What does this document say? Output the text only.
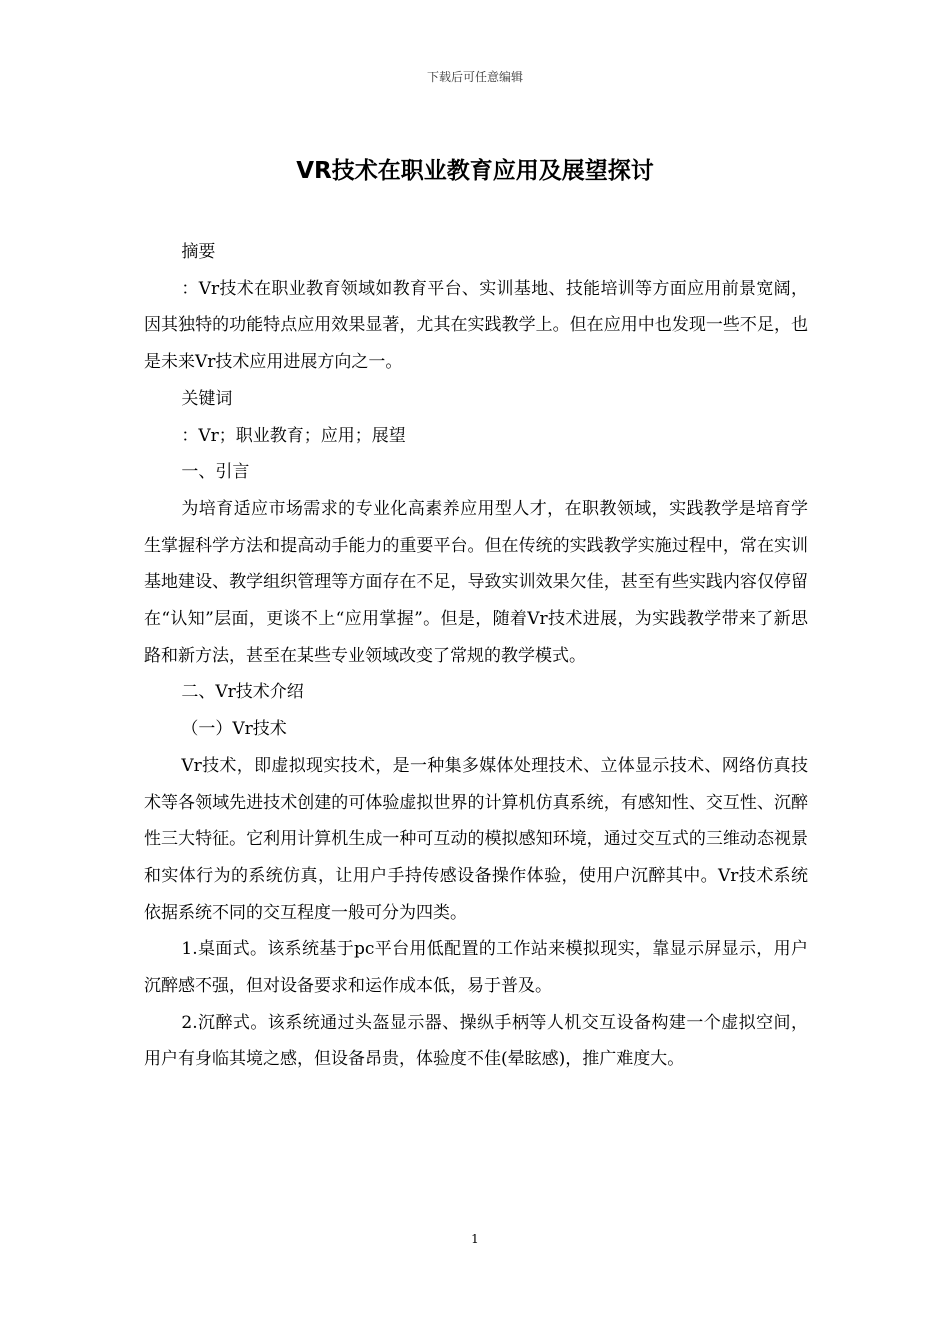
下载后可任意编辑
VR技术在职业教育应用及展望探讨

摘要

：Vr技术在职业教育领域如教育平台、实训基地、技能培训等方面应用前景宽阔，因其独特的功能特点应用效果显著，尤其在实践教学上。但在应用中也发现一些不足，也是未来Vr技术应用进展方向之一。

关键词

：Vr；职业教育；应用；展望

一、引言

为培育适应市场需求的专业化高素养应用型人才，在职教领域，实践教学是培育学生掌握科学方法和提高动手能力的重要平台。但在传统的实践教学实施过程中，常在实训基地建设、教学组织管理等方面存在不足，导致实训效果欠佳，甚至有些实践内容仅停留在“认知”层面，更谈不上“应用掌握”。但是，随着Vr技术进展，为实践教学带来了新思路和新方法，甚至在某些专业领域改变了常规的教学模式。

二、Vr技术介绍

（一）Vr技术

Vr技术，即虚拟现实技术，是一种集多媒体处理技术、立体显示技术、网络仿真技术等各领域先进技术创建的可体验虚拟世界的计算机仿真系统，有感知性、交互性、沉醉性三大特征。它利用计算机生成一种可互动的模拟感知环境，通过交互式的三维动态视景和实体行为的系统仿真，让用户手持传感设备操作体验，使用户沉醉其中。Vr技术系统依据系统不同的交互程度一般可分为四类。

1.桌面式。该系统基于pc平台用低配置的工作站来模拟现实，靠显示屏显示，用户沉醉感不强，但对设备要求和运作成本低，易于普及。

2.沉醉式。该系统通过头盔显示器、操纵手柄等人机交互设备构建一个虚拟空间，用户有身临其境之感，但设备昂贵，体验度不佳(晕眩感)，推广难度大。

1
